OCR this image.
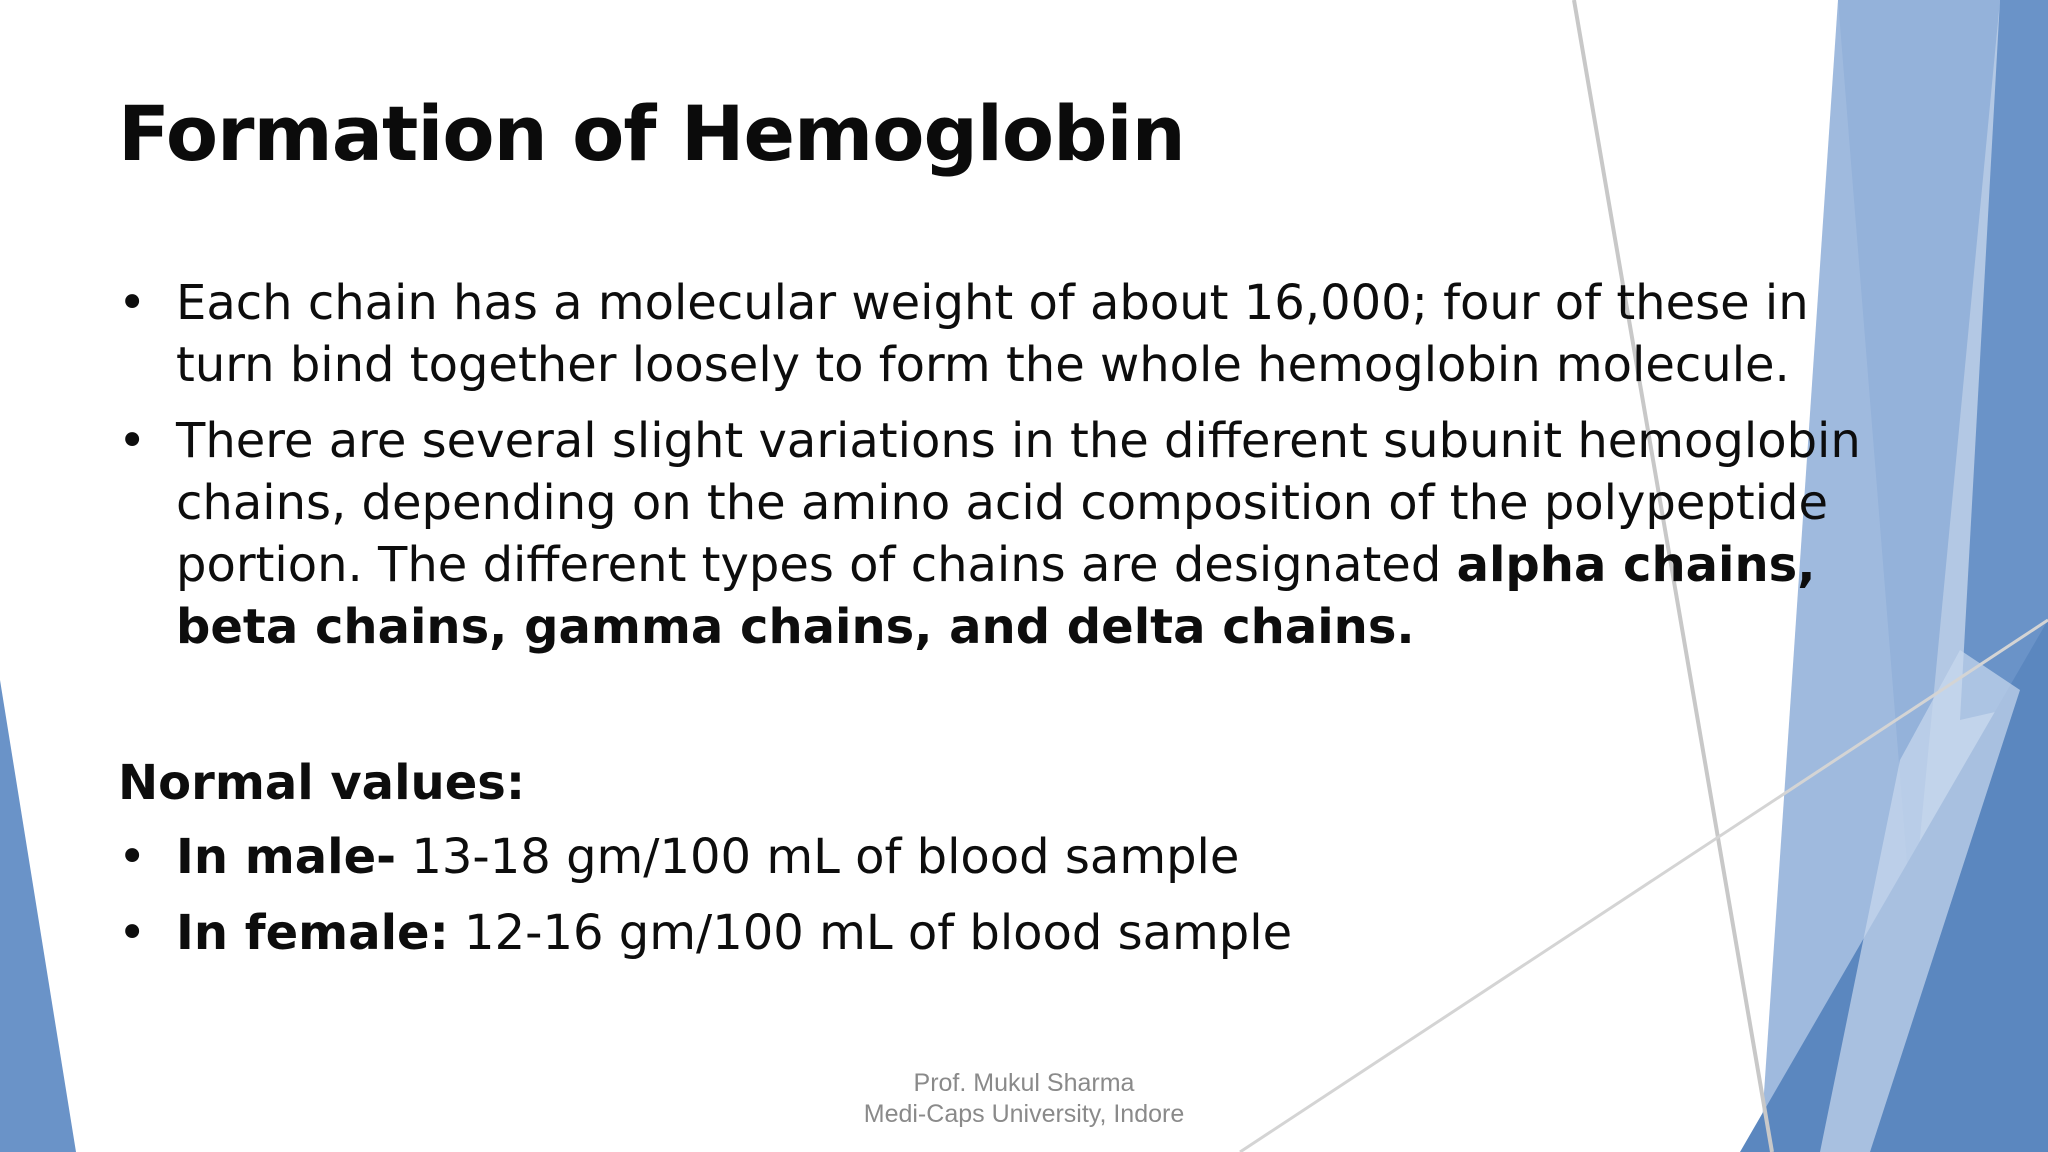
Formation of Hemoglobin
• Each chain has a molecular weight of about 16,000; four of these in turn bind together loosely to form the whole hemoglobin molecule.
• There are several slight variations in the different subunit hemoglobin chains, depending on the amino acid composition of the polypeptide portion. The different types of chains are designated alpha chains, beta chains, gamma chains, and delta chains.

Normal values:

• In male- 13-18 gm/100 mL of blood sample
• In female: 12-16 gm/100 mL of blood sample
Prof. Mukul Sharma
Medi-Caps University, Indore
